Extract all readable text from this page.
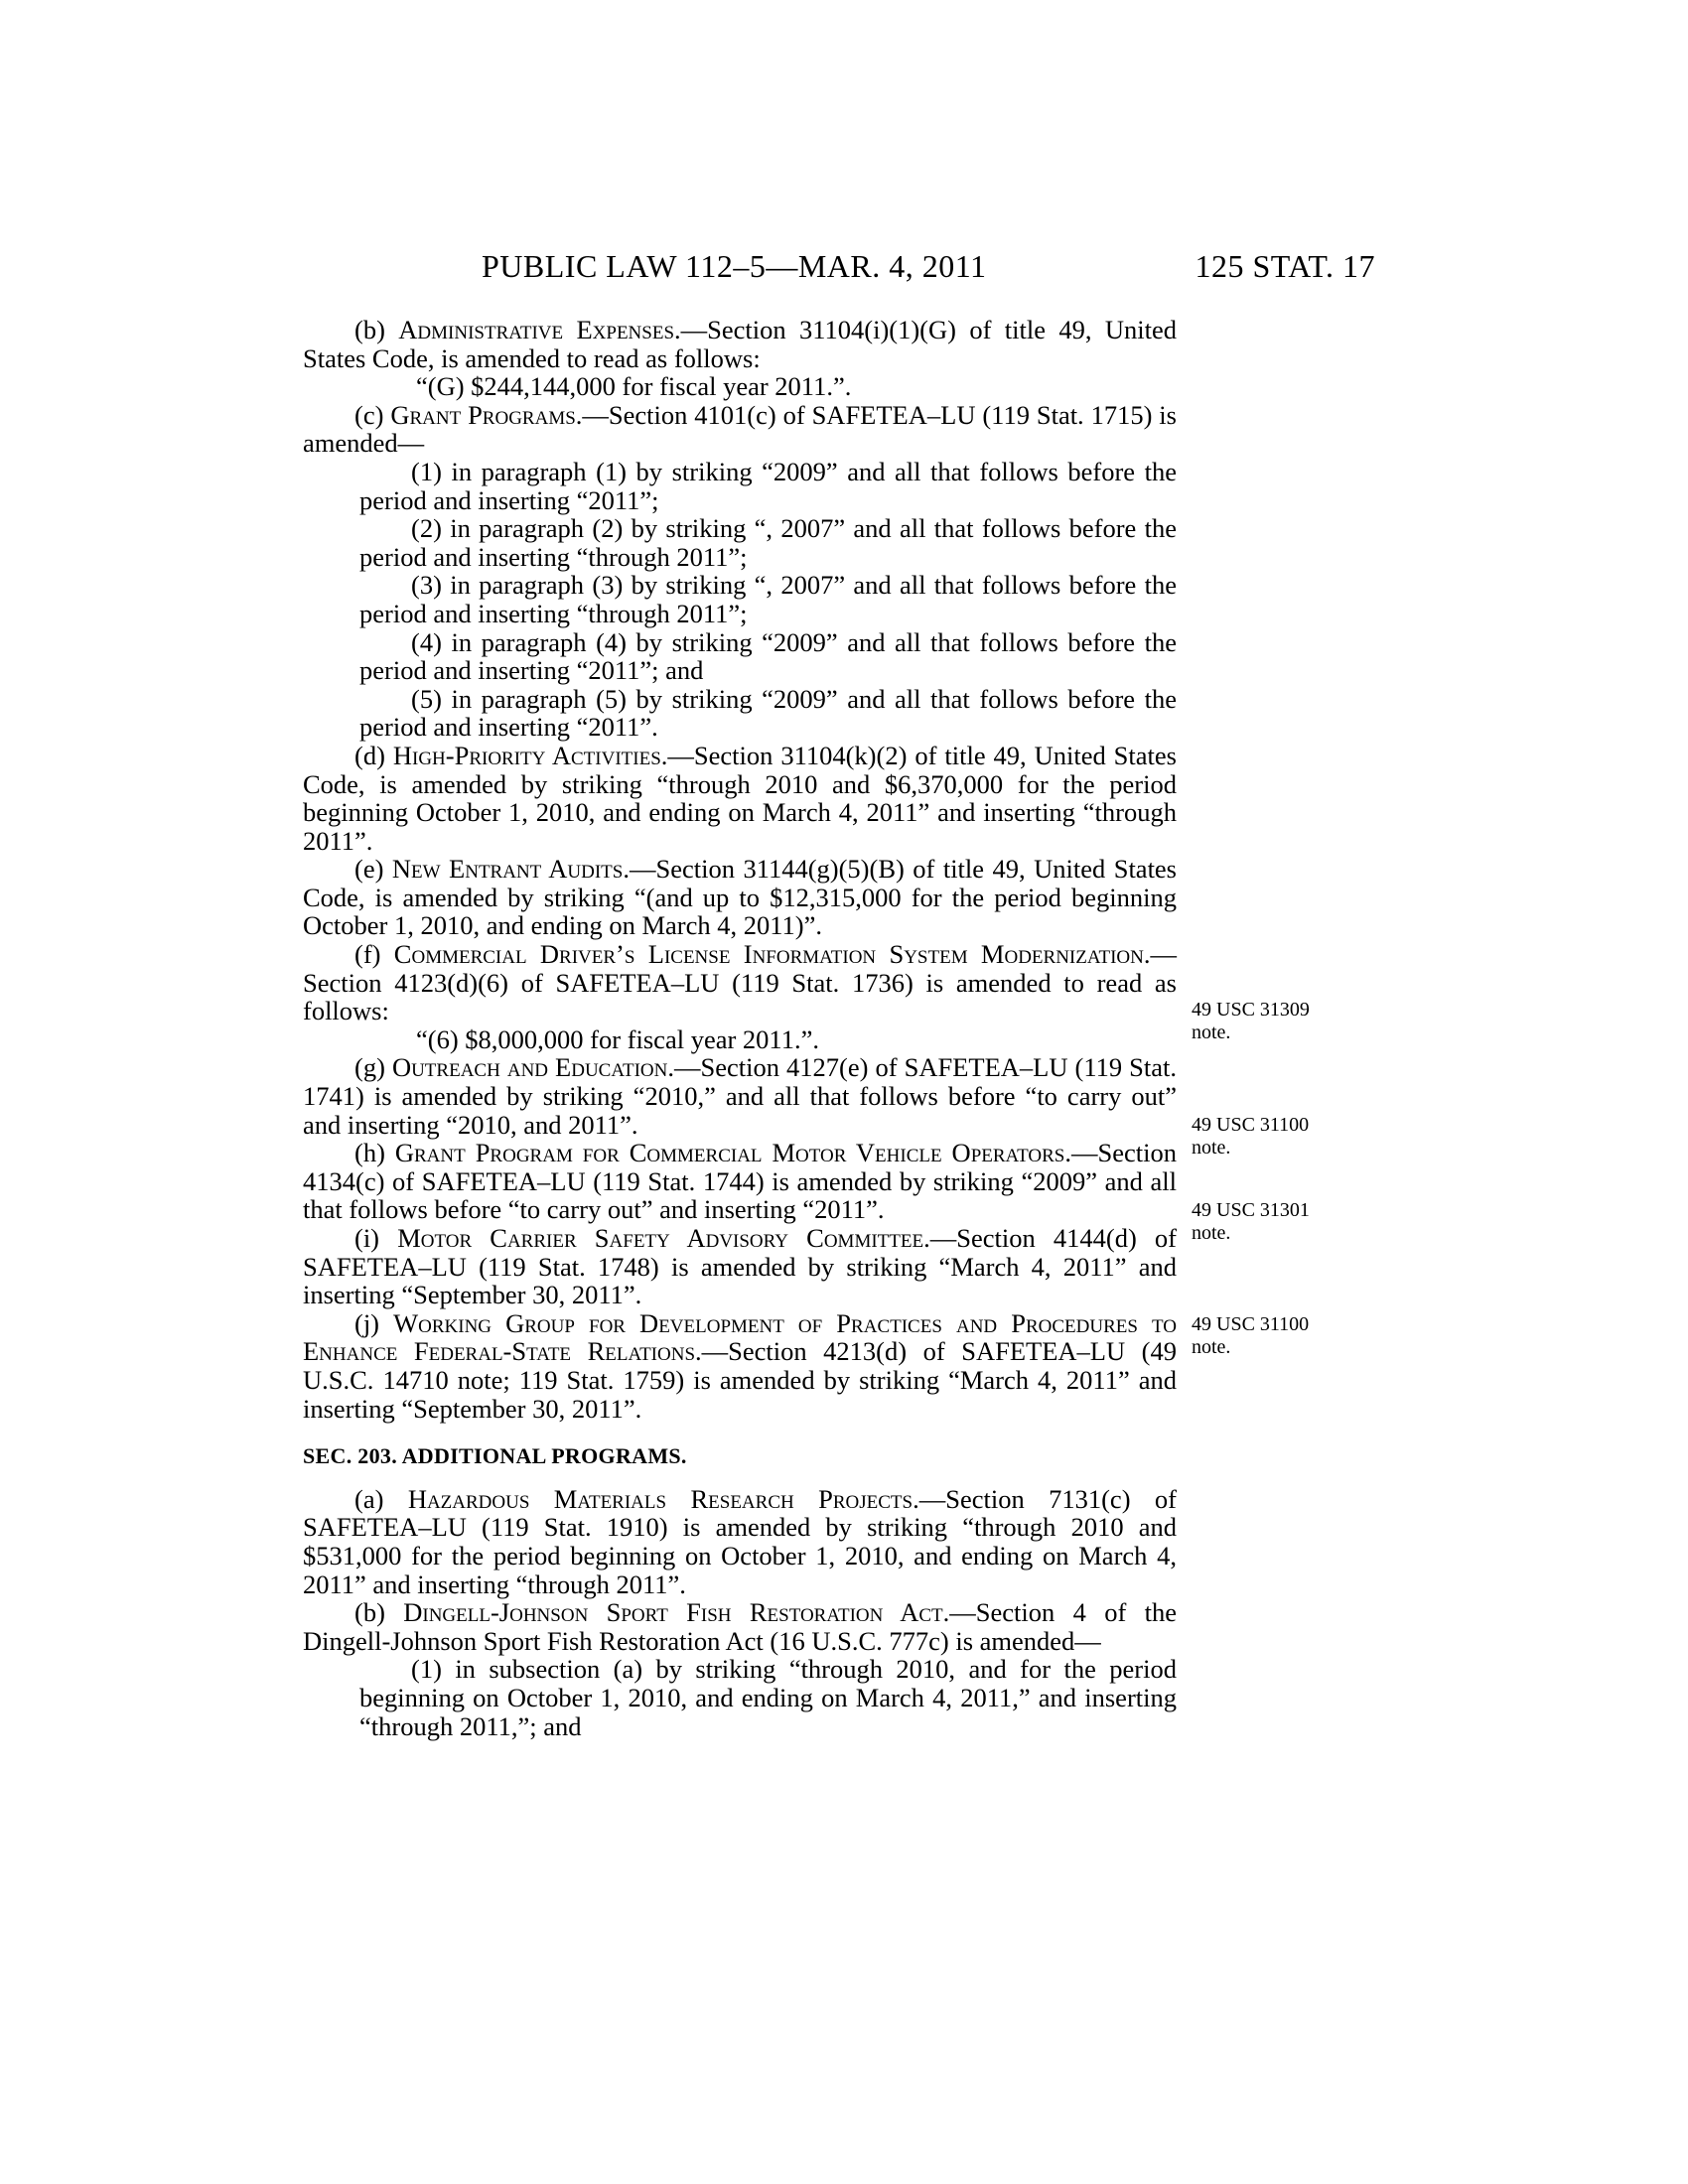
PUBLIC LAW 112–5—MAR. 4, 2011	125 STAT. 17

(b) Administrative Expenses.—Section 31104(i)(1)(G) of title 49, United States Code, is amended to read as follows:

“(G) $244,144,000 for fiscal year 2011.”.

(c) Grant Programs.—Section 4101(c) of SAFETEA–LU (119 Stat. 1715) is amended—

(1) in paragraph (1) by striking “2009” and all that follows before the period and inserting “2011”;

(2) in paragraph (2) by striking “, 2007” and all that follows before the period and inserting “through 2011”;

(3) in paragraph (3) by striking “, 2007” and all that follows before the period and inserting “through 2011”;

(4) in paragraph (4) by striking “2009” and all that follows before the period and inserting “2011”; and

(5) in paragraph (5) by striking “2009” and all that follows before the period and inserting “2011”.

(d) High-Priority Activities.—Section 31104(k)(2) of title 49, United States Code, is amended by striking “through 2010 and $6,370,000 for the period beginning October 1, 2010, and ending on March 4, 2011” and inserting “through 2011”.

(e) New Entrant Audits.—Section 31144(g)(5)(B) of title 49, United States Code, is amended by striking “(and up to $12,315,000 for the period beginning October 1, 2010, and ending on March 4, 2011)”.

(f) Commercial Driver’s License Information System Modernization.—Section 4123(d)(6) of SAFETEA–LU (119 Stat. 1736) is amended to read as follows:

“(6) $8,000,000 for fiscal year 2011.”.

(g) Outreach and Education.—Section 4127(e) of SAFETEA–LU (119 Stat. 1741) is amended by striking “2010,” and all that follows before “to carry out” and inserting “2010, and 2011”.

(h) Grant Program for Commercial Motor Vehicle Operators.—Section 4134(c) of SAFETEA–LU (119 Stat. 1744) is amended by striking “2009” and all that follows before “to carry out” and inserting “2011”.

(i) Motor Carrier Safety Advisory Committee.—Section 4144(d) of SAFETEA–LU (119 Stat. 1748) is amended by striking “March 4, 2011” and inserting “September 30, 2011”.

(j) Working Group for Development of Practices and Procedures to Enhance Federal-State Relations.—Section 4213(d) of SAFETEA–LU (49 U.S.C. 14710 note; 119 Stat. 1759) is amended by striking “March 4, 2011” and inserting “September 30, 2011”.

SEC. 203. ADDITIONAL PROGRAMS.

(a) Hazardous Materials Research Projects.—Section 7131(c) of SAFETEA–LU (119 Stat. 1910) is amended by striking “through 2010 and $531,000 for the period beginning on October 1, 2010, and ending on March 4, 2011” and inserting “through 2011”.

(b) Dingell-Johnson Sport Fish Restoration Act.—Section 4 of the Dingell-Johnson Sport Fish Restoration Act (16 U.S.C. 777c) is amended—

(1) in subsection (a) by striking “through 2010, and for the period beginning on October 1, 2010, and ending on March 4, 2011,” and inserting “through 2011,”; and

49 USC 31309
note.
49 USC 31100
note.
49 USC 31301
note.
49 USC 31100
note.
